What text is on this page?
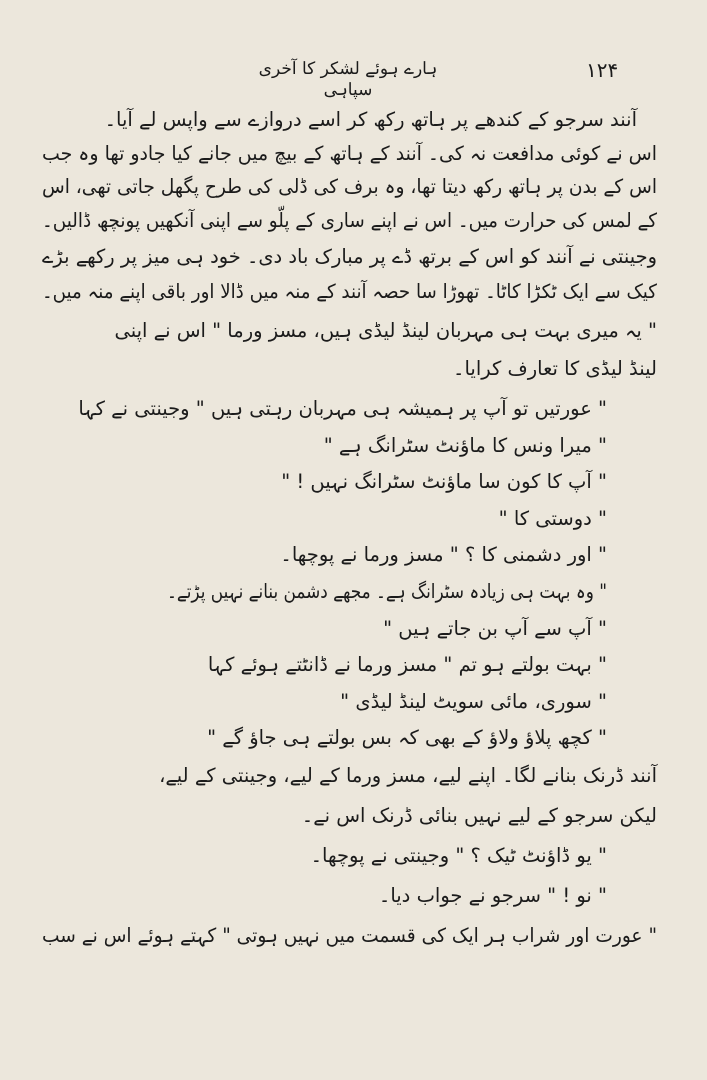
ہارے ہوئے لشکر کا آخری سپاہی
۱۲۴
آنند سرجو کے کندھے پر ہاتھ رکھ کر اسے دروازے سے واپس لے آیا۔
اس نے کوئی مدافعت نہ کی۔ آنند کے ہاتھ کے بیچ میں جانے کیا جادو تھا وہ جب
اس کے بدن پر ہاتھ رکھ دیتا تھا، وہ برف کی ڈلی کی طرح پگھل جاتی تھی، اس
کے لمس کی حرارت میں۔ اس نے اپنے ساری کے پلّو سے اپنی آنکھیں پونچھ ڈالیں۔
وجینتی نے آنند کو اس کے برتھ ڈے پر مبارک باد دی۔ خود ہی میز پر رکھے بڑے
کیک سے ایک ٹکڑا کاٹا۔ تھوڑا سا حصہ آنند کے منہ میں ڈالا اور باقی اپنے منہ میں۔
" یہ میری بہت ہی مہربان لینڈ لیڈی ہیں، مسز ورما " اس نے اپنی
لینڈ لیڈی کا تعارف کرایا۔
" عورتیں تو آپ پر ہمیشہ ہی مہربان رہتی ہیں " وجینتی نے کہا
" میرا ونس کا ماؤنٹ سٹرانگ ہے "
" آپ کا کون سا ماؤنٹ سٹرانگ نہیں ! "
" دوستی کا "
" اور دشمنی کا ؟ " مسز ورما نے پوچھا۔
" وہ بہت ہی زیادہ سٹرانگ ہے۔ مجھے دشمن بنانے نہیں پڑتے۔
" آپ سے آپ بن جاتے ہیں "
" بہت بولتے ہو تم " مسز ورما نے ڈانٹتے ہوئے کہا
" سوری، مائی سویٹ لینڈ لیڈی "
" کچھ پلاؤ ولاؤ کے بھی کہ بس بولتے ہی جاؤ گے "
آنند ڈرنک بنانے لگا۔ اپنے لیے، مسز ورما کے لیے، وجینتی کے لیے،
لیکن سرجو کے لیے نہیں بنائی ڈرنک اس نے۔
" یو ڈاؤنٹ ٹیک ؟ " وجینتی نے پوچھا۔
" نو ! " سرجو نے جواب دیا۔
" عورت اور شراب ہر ایک کی قسمت میں نہیں ہوتی " کہتے ہوئے اس نے سب
